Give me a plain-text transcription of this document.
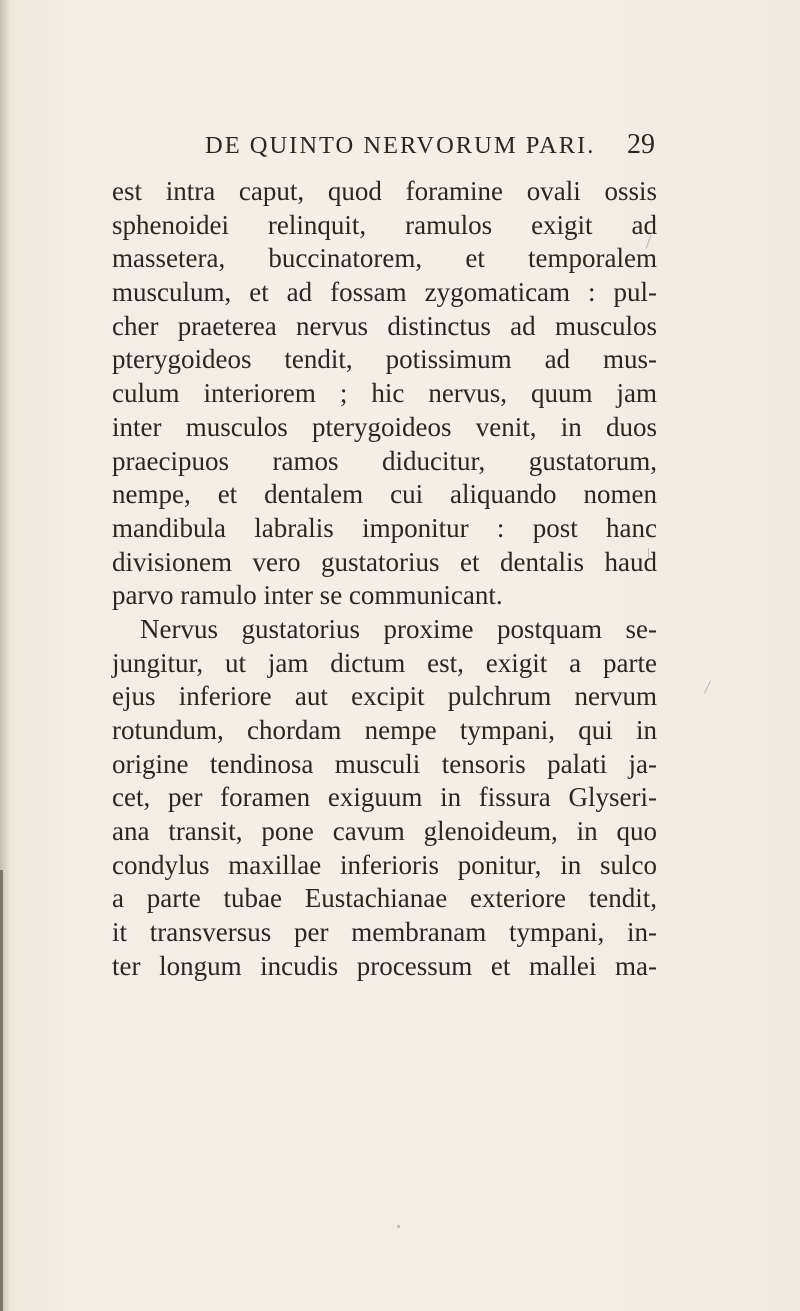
DE QUINTO NERVORUM PARI. 29
est intra caput, quod foramine ovali ossis
sphenoidei relinquit, ramulos exigit ad
massetera, buccinatorem, et temporalem
musculum, et ad fossam zygomaticam : pul-
cher praeterea nervus distinctus ad musculos
pterygoideos tendit, potissimum ad mus-
culum interiorem ; hic nervus, quum jam
inter musculos pterygoideos venit, in duos
praecipuos ramos diducitur, gustatorum,
nempe, et dentalem cui aliquando nomen
mandibula labralis imponitur : post hanc
divisionem vero gustatorius et dentalis haud
parvo ramulo inter se communicant.
Nervus gustatorius proxime postquam se-
jungitur, ut jam dictum est, exigit a parte
ejus inferiore aut excipit pulchrum nervum
rotundum, chordam nempe tympani, qui in
origine tendinosa musculi tensoris palati ja-
cet, per foramen exiguum in fissura Glyseri-
ana transit, pone cavum glenoideum, in quo
condylus maxillae inferioris ponitur, in sulco
a parte tubae Eustachianae exteriore tendit,
it transversus per membranam tympani, in-
ter longum incudis processum et mallei ma-
